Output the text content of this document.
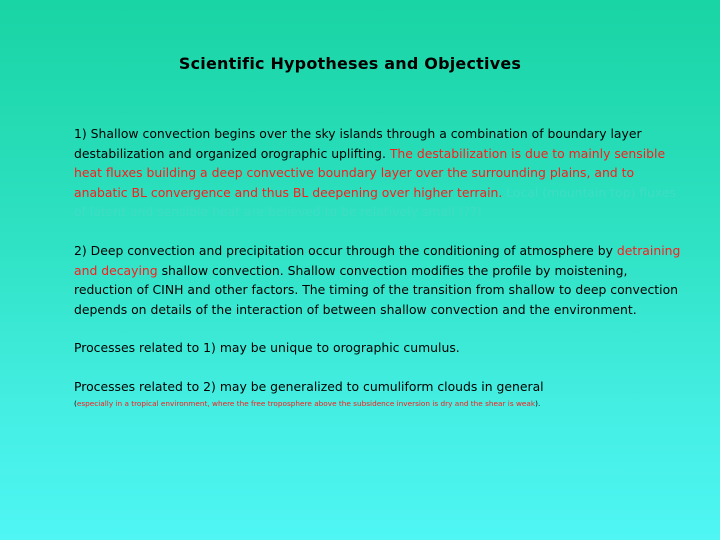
Scientific Hypotheses and Objectives

1) Shallow convection begins over the sky islands through a combination of boundary layer destabilization and organized orographic uplifting. The destabilization is due to mainly sensible heat fluxes building a deep convective boundary layer over the surrounding plains, and to anabatic BL convergence and thus BL deepening over higher terrain. Local (mountain top) fluxes of latent and sensible heat are believed to be relatively small (??)

2) Deep convection and precipitation occur through the conditioning of atmosphere by detraining and decaying shallow convection. Shallow convection modifies the profile by moistening, reduction of CINH and other factors. The timing of the transition from shallow to deep convection depends on details of the interaction of between shallow convection and the environment.

Processes related to 1) may be unique to orographic cumulus.

Processes related to 2) may be generalized to cumuliform clouds in general

(especially in a tropical environment, where the free troposphere above the subsidence inversion is dry and the shear is weak).
